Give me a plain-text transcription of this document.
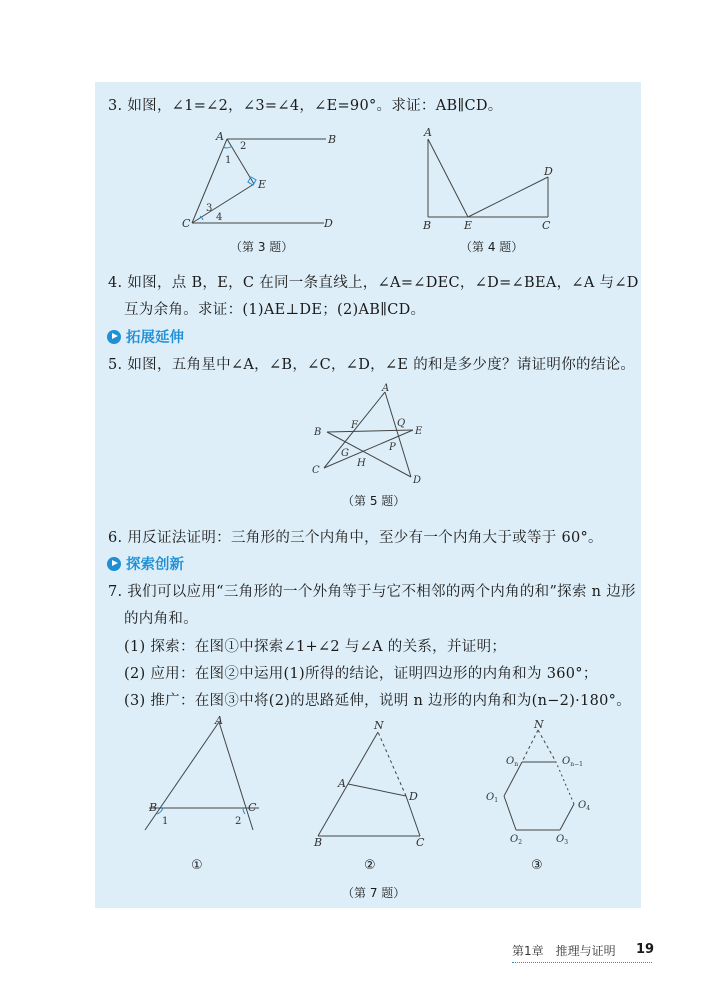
3. 如图，∠1=∠2，∠3=∠4，∠E=90°。求证：AB∥CD。
A	B
E
C	D
1
2
3
4
（第 3 题）
A
D
B	E	C
（第 4 题）
4. 如图，点 B，E，C 在同一条直线上，∠A=∠DEC，∠D=∠BEA，∠A 与∠D
互为余角。求证：(1)AE⊥DE；(2)AB∥CD。
拓展延伸
5. 如图，五角星中∠A，∠B，∠C，∠D，∠E 的和是多少度？请证明你的结论。
A
B
C
D
E
F	Q
G
H
P
（第 5 题）
6. 用反证法证明：三角形的三个内角中，至少有一个内角大于或等于 60°。
探索创新
7. 我们可以应用“三角形的一个外角等于与它不相邻的两个内角的和”探索 n 边形
的内角和。
(1) 探索：在图①中探索∠1+∠2 与∠A 的关系，并证明；
(2) 应用：在图②中运用(1)所得的结论，证明四边形的内角和为 360°；
(3) 推广：在图③中将(2)的思路延伸，说明 n 边形的内角和为(n−2)·180°。
A
B	C
1	2
N
A
D
B	C
N
$O_n$	$O_{n-1}$
$O_1$	$O_4$
$O_2$	$O_3$
①	②	③
（第 7 题）
第1章　推理与证明 19
